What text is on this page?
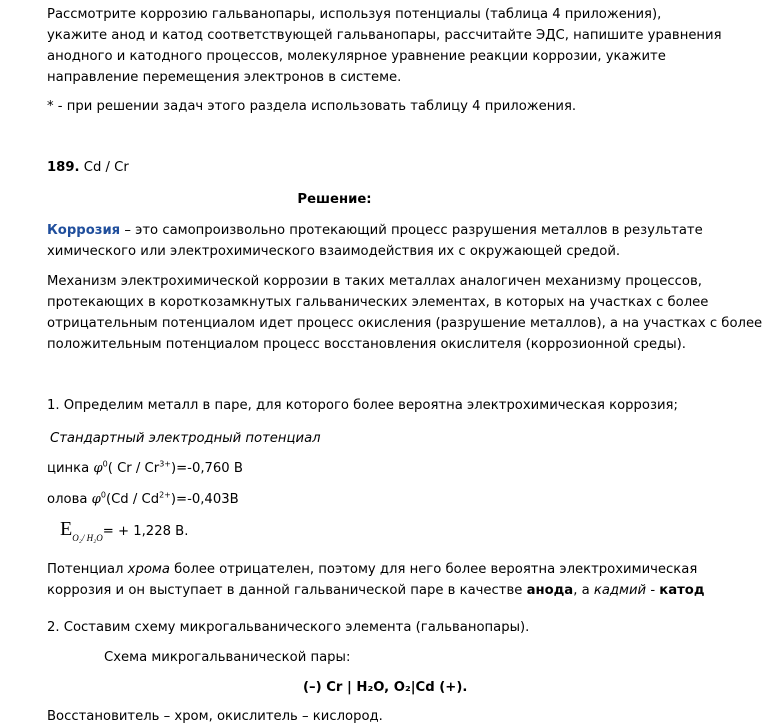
Рассмотрите коррозию гальванопары, используя потенциалы (таблица 4 приложения),
укажите анод и катод соответствующей гальванопары, рассчитайте ЭДС, напишите уравнения
анодного и катодного процессов, молекулярное уравнение реакции коррозии, укажите
направление перемещения электронов в системе.
* - при решении задач этого раздела использовать таблицу 4 приложения.
189. Cd / Cr
Решение:
Коррозия – это самопроизвольно протекающий процесс разрушения металлов в результате
химического или электрохимического взаимодействия их с окружающей средой.
Механизм электрохимической коррозии в таких металлах аналогичен механизму процессов,
протекающих в короткозамкнутых гальванических элементах, в которых на участках с более
отрицательным потенциалом идет процесс окисления (разрушение металлов), а на участках с более
положительным потенциалом процесс восстановления окислителя (коррозионной среды).
1. Определим металл в паре, для которого более вероятна электрохимическая коррозия;
Стандартный электродный потенциал
цинка $\varphi^0$( $Cr / Cr^{3+})=-0,760$ В
олова $\varphi^0(Cd / Cd^{2+})=-0,403В$
$E_{O_2/ H_2O}= + 1,228$ В.
Потенциал хрома более отрицателен, поэтому для него более вероятна электрохимическая
коррозия и он выступает в данной гальванической паре в качестве анода, а кадмий - катод
2. Составим схему микрогальванического элемента (гальванопары).
Схема микрогальванической пары:
(–) Cr | H₂O, O₂|Cd (+).
Восстановитель – хром, окислитель – кислород.
